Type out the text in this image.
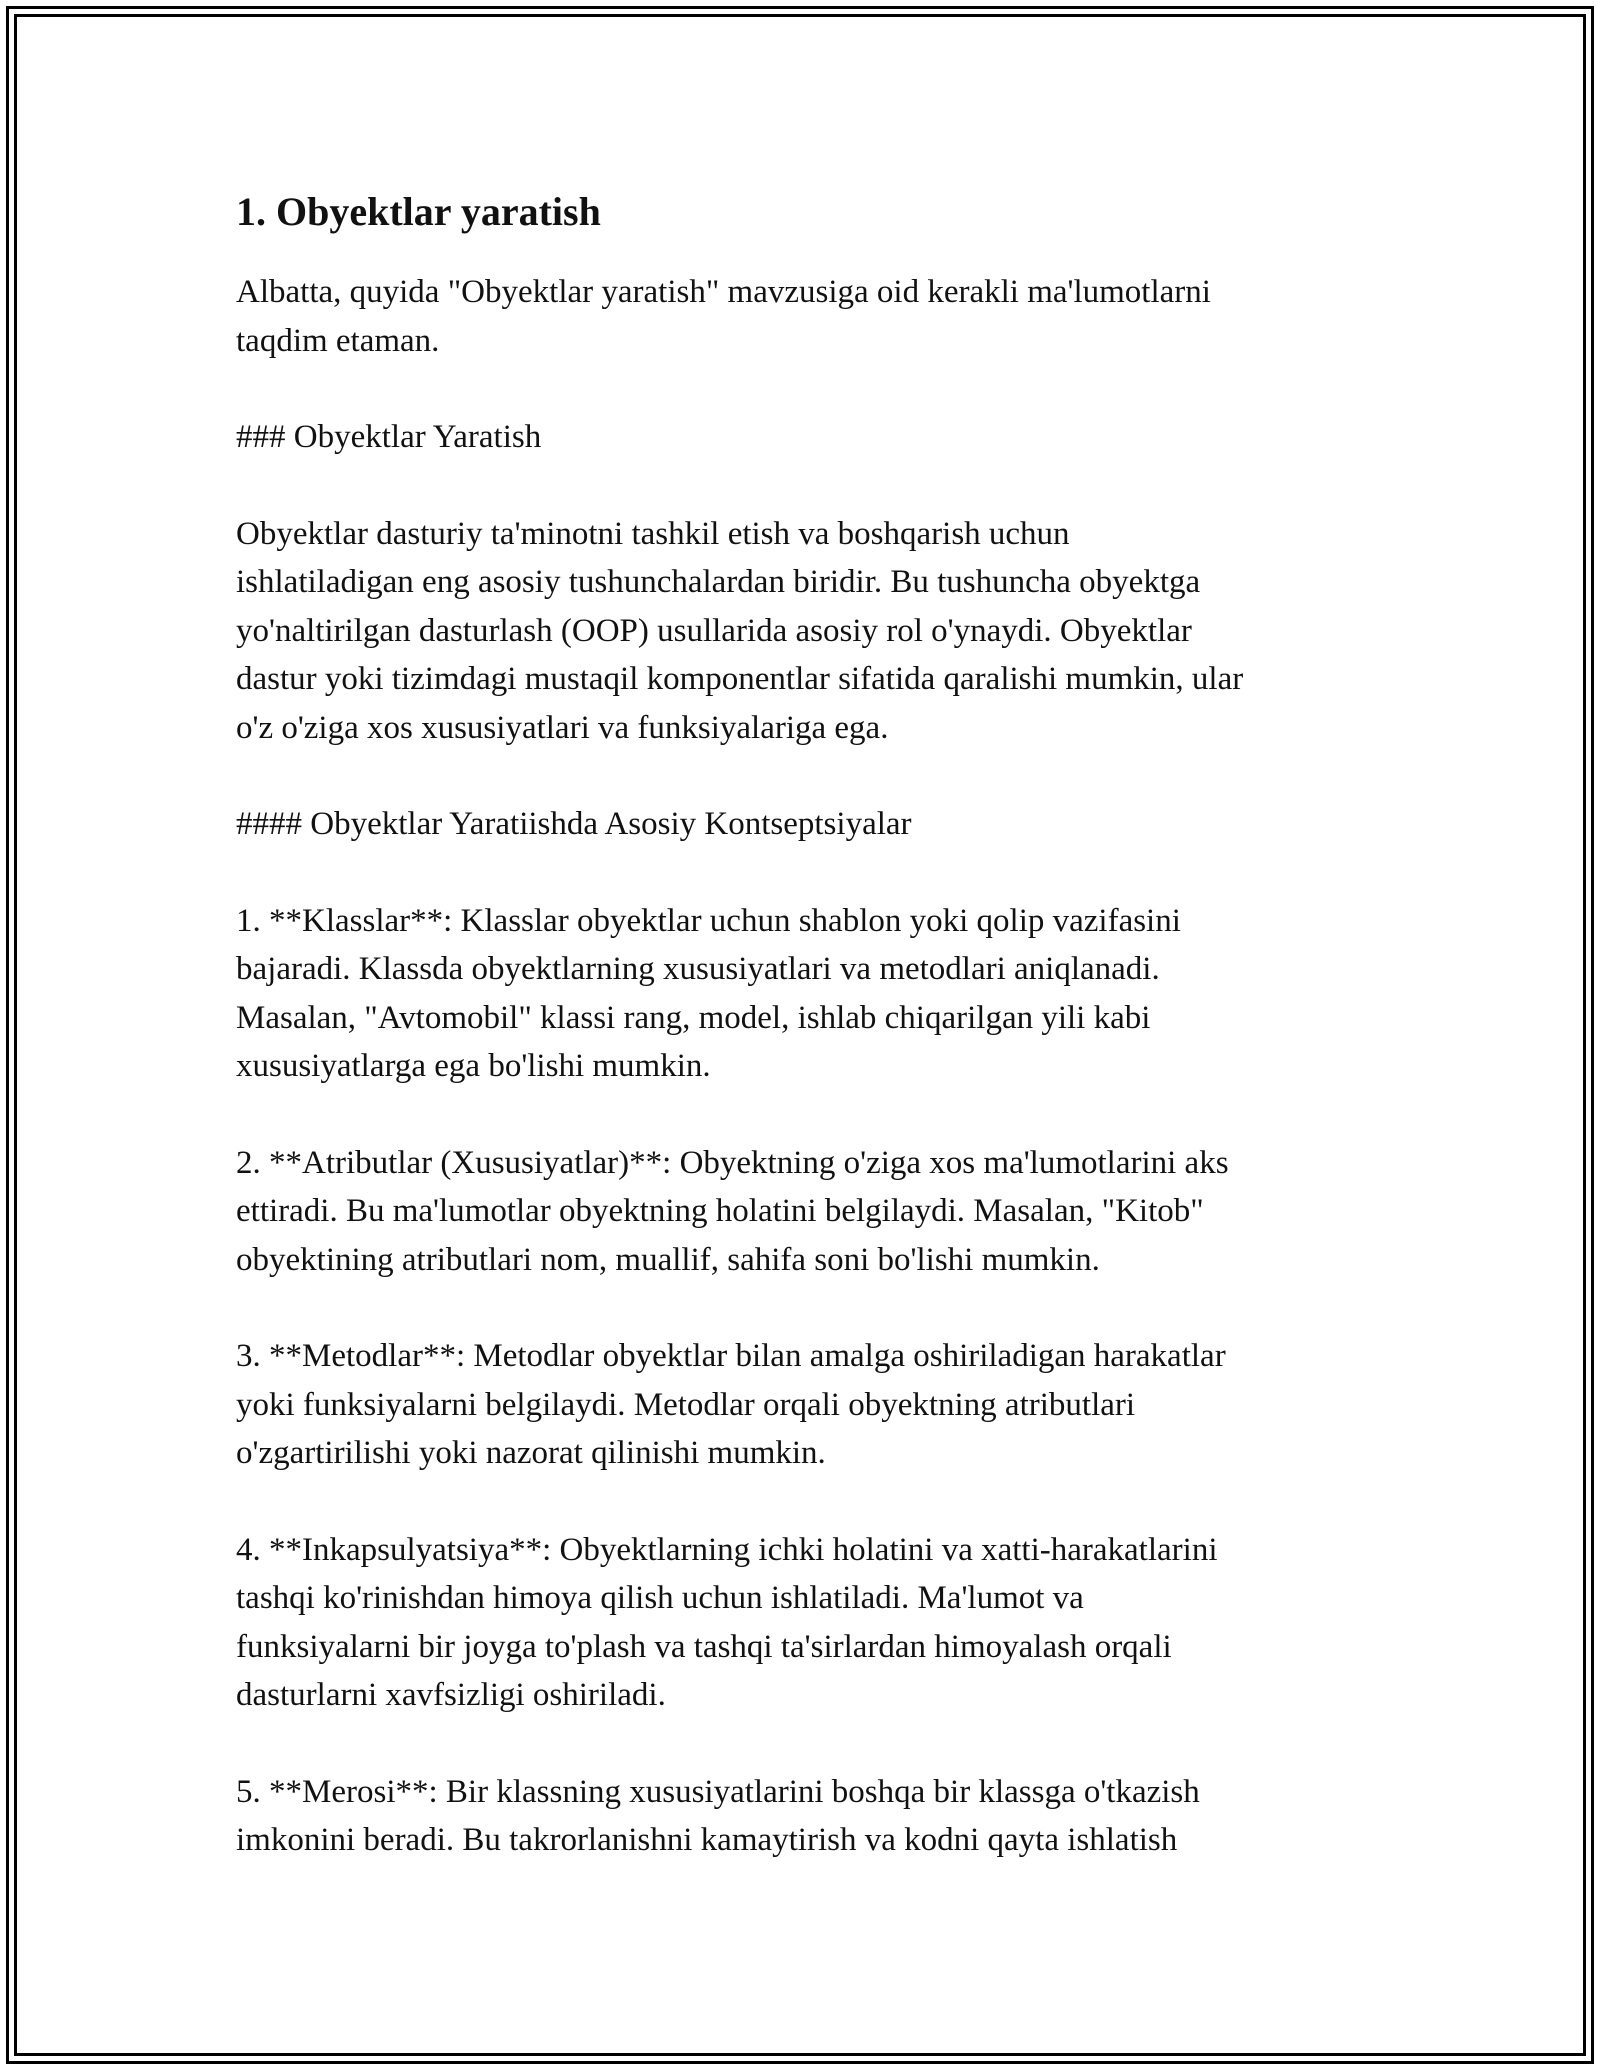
1. Obyektlar yaratish

Albatta, quyida "Obyektlar yaratish" mavzusiga oid kerakli ma'lumotlarni
taqdim etaman.

### Obyektlar Yaratish

Obyektlar dasturiy ta'minotni tashkil etish va boshqarish uchun
ishlatiladigan eng asosiy tushunchalardan biridir. Bu tushuncha obyektga
yo'naltirilgan dasturlash (OOP) usullarida asosiy rol o'ynaydi. Obyektlar
dastur yoki tizimdagi mustaqil komponentlar sifatida qaralishi mumkin, ular
o'z o'ziga xos xususiyatlari va funksiyalariga ega.

#### Obyektlar Yaratiishda Asosiy Kontseptsiyalar

1. **Klasslar**: Klasslar obyektlar uchun shablon yoki qolip vazifasini
bajaradi. Klassda obyektlarning xususiyatlari va metodlari aniqlanadi.
Masalan, "Avtomobil" klassi rang, model, ishlab chiqarilgan yili kabi
xususiyatlarga ega bo'lishi mumkin.

2. **Atributlar (Xususiyatlar)**: Obyektning o'ziga xos ma'lumotlarini aks
ettiradi. Bu ma'lumotlar obyektning holatini belgilaydi. Masalan, "Kitob"
obyektining atributlari nom, muallif, sahifa soni bo'lishi mumkin.

3. **Metodlar**: Metodlar obyektlar bilan amalga oshiriladigan harakatlar
yoki funksiyalarni belgilaydi. Metodlar orqali obyektning atributlari
o'zgartirilishi yoki nazorat qilinishi mumkin.

4. **Inkapsulyatsiya**: Obyektlarning ichki holatini va xatti-harakatlarini
tashqi ko'rinishdan himoya qilish uchun ishlatiladi. Ma'lumot va
funksiyalarni bir joyga to'plash va tashqi ta'sirlardan himoyalash orqali
dasturlarni xavfsizligi oshiriladi.

5. **Merosi**: Bir klassning xususiyatlarini boshqa bir klassga o'tkazish
imkonini beradi. Bu takrorlanishni kamaytirish va kodni qayta ishlatish
